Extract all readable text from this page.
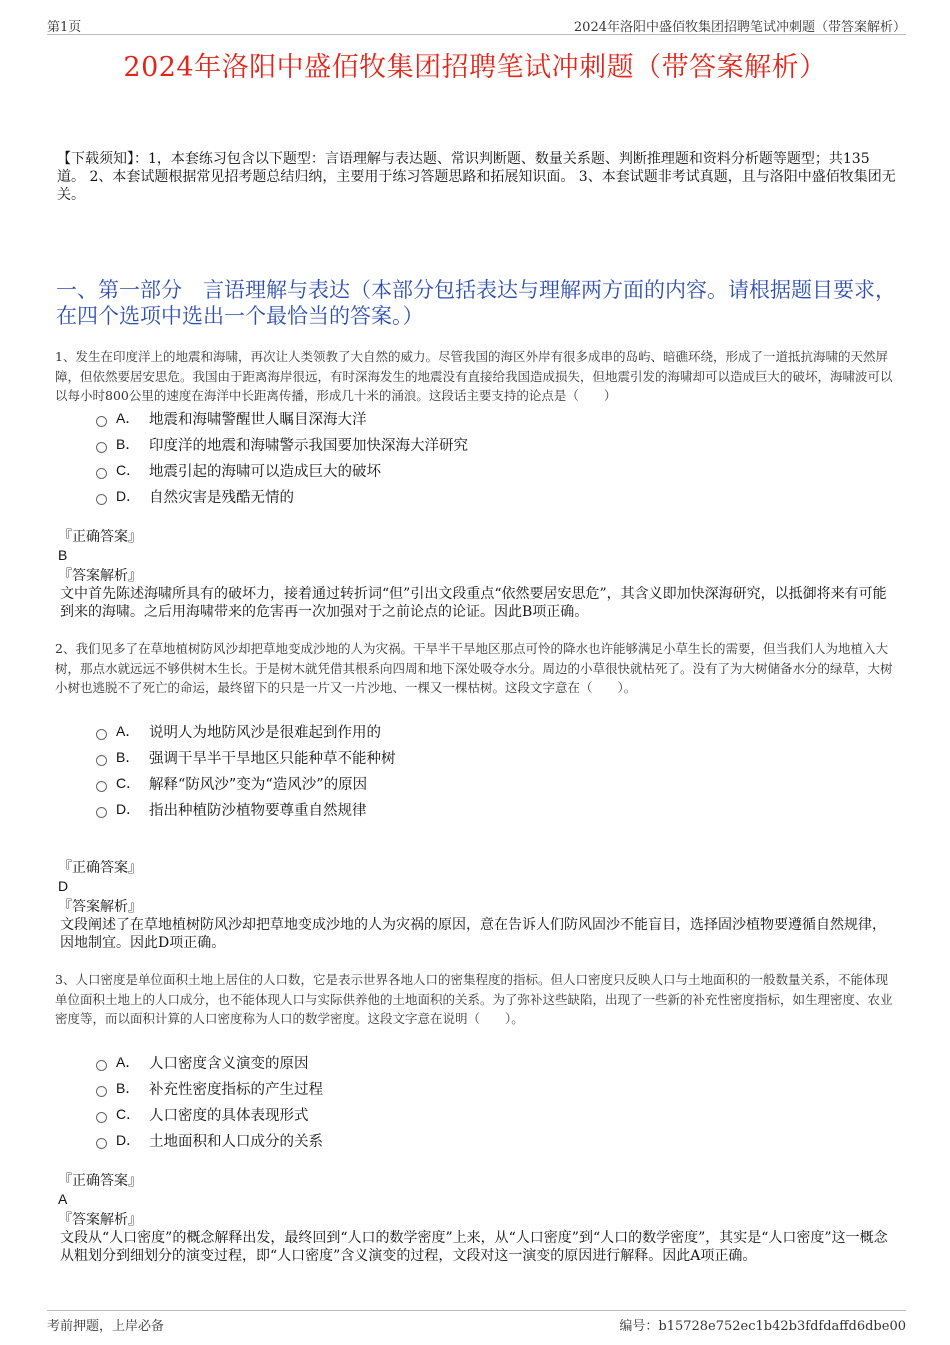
第1页	2024年洛阳中盛佰牧集团招聘笔试冲刺题（带答案解析）
2024年洛阳中盛佰牧集团招聘笔试冲刺题（带答案解析）
【下载须知】：1，本套练习包含以下题型：言语理解与表达题、常识判断题、数量关系题、判断推理题和资料分析题等题型；共135道。 2、本套试题根据常见招考题总结归纳，主要用于练习答题思路和拓展知识面。 3、本套试题非考试真题，且与洛阳中盛佰牧集团无关。
一、第一部分　言语理解与表达（本部分包括表达与理解两方面的内容。请根据题目要求，在四个选项中选出一个最恰当的答案。）
1、发生在印度洋上的地震和海啸，再次让人类领教了大自然的威力。尽管我国的海区外岸有很多成串的岛屿、暗礁环绕，形成了一道抵抗海啸的天然屏障，但依然要居安思危。我国由于距离海岸很远，有时深海发生的地震没有直接给我国造成损失，但地震引发的海啸却可以造成巨大的破坏，海啸波可以以每小时800公里的速度在海洋中长距离传播，形成几十米的涌浪。这段话主要支持的论点是（　　）
A． 地震和海啸警醒世人瞩目深海大洋
B． 印度洋的地震和海啸警示我国要加快深海大洋研究
C． 地震引起的海啸可以造成巨大的破坏
D． 自然灾害是残酷无情的
『正确答案』
B
『答案解析』
文中首先陈述海啸所具有的破坏力，接着通过转折词“但”引出文段重点“依然要居安思危”，其含义即加快深海研究，以抵御将来有可能到来的海啸。之后用海啸带来的危害再一次加强对于之前论点的论证。因此B项正确。
2、我们见多了在草地植树防风沙却把草地变成沙地的人为灾祸。干旱半干旱地区那点可怜的降水也许能够满足小草生长的需要，但当我们人为地植入大树，那点水就远远不够供树木生长。于是树木就凭借其根系向四周和地下深处吸夺水分。周边的小草很快就枯死了。没有了为大树储备水分的绿草，大树小树也逃脱不了死亡的命运，最终留下的只是一片又一片沙地、一棵又一棵枯树。这段文字意在（　　）。
A． 说明人为地防风沙是很难起到作用的
B． 强调干旱半干旱地区只能种草不能种树
C． 解释“防风沙”变为“造风沙”的原因
D． 指出种植防沙植物要尊重自然规律
『正确答案』
D
『答案解析』
文段阐述了在草地植树防风沙却把草地变成沙地的人为灾祸的原因，意在告诉人们防风固沙不能盲目，选择固沙植物要遵循自然规律，因地制宜。因此D项正确。
3、人口密度是单位面积土地上居住的人口数，它是表示世界各地人口的密集程度的指标。但人口密度只反映人口与土地面积的一般数量关系，不能体现单位面积土地上的人口成分，也不能体现人口与实际供养他的土地面积的关系。为了弥补这些缺陷，出现了一些新的补充性密度指标，如生理密度、农业密度等，而以面积计算的人口密度称为人口的数学密度。这段文字意在说明（　　）。
A． 人口密度含义演变的原因
B． 补充性密度指标的产生过程
C． 人口密度的具体表现形式
D． 土地面积和人口成分的关系
『正确答案』
A
『答案解析』
文段从“人口密度”的概念解释出发，最终回到“人口的数学密度”上来，从“人口密度”到“人口的数学密度”，其实是“人口密度”这一概念从粗划分到细划分的演变过程，即“人口密度”含义演变的过程，文段对这一演变的原因进行解释。因此A项正确。
考前押题，上岸必备	编号：b15728e752ec1b42b3fdfdaffd6dbe00
